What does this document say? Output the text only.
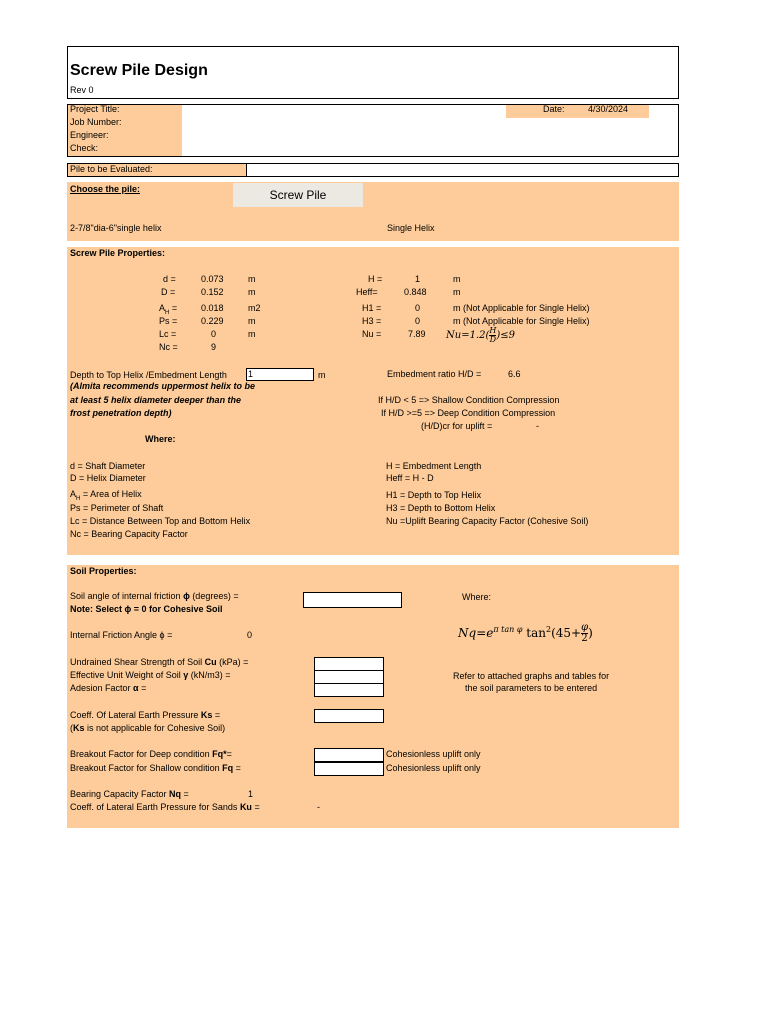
Screw Pile Design
Rev 0
Project Title:
Job Number:
Engineer:
Check:
Date:	4/30/2024
Pile to be Evaluated:
Choose the pile:	Screw Pile
2-7/8"dia-6"single helix	Single Helix
Screw Pile Properties:
d =	0.073	m
D =	0.152	m
$A_H$ =	0.018	m2
Ps =	0.229	m
Lc =	0	m
Nc =	9
H =	1	m
Heff=	0.848	m
H1 =	0	m (Not Applicable for Single Helix)
H3 =	0	m (Not Applicable for Single Helix)
Nu =	7.89 $Nu=1.2( \frac{H}{D} )\le 9$
Depth to Top Helix /Embedment Length 1	m
(Almita recommends uppermost helix to be
at least 5 helix diameter deeper than the
frost penetration depth)
Embedment ratio H/D =	6.6
If H/D < 5 => Shallow Condition Compression
If H/D >=5 => Deep Condition Compression
(H/D)cr for uplift =	-
Where:
d = Shaft Diameter
D = Helix Diameter
$A_H$ = Area of Helix
Ps = Perimeter of Shaft
Lc = Distance Between Top and Bottom Helix
Nc = Bearing Capacity Factor
H = Embedment Length
Heff = H - D
H1 = Depth to Top Helix
H3 = Depth to Bottom Helix
Nu =Uplift Bearing Capacity Factor (Cohesive Soil)
Soil Properties:
Soil angle of internal friction ϕ (degrees) =
Note: Select ϕ = 0 for Cohesive Soil
Where:
Internal Friction Angle ϕ =	0	$Nq=e^{\pi tan \varphi}$ $\tan^2(45+ \frac{\varphi}{2}$ )
Undrained Shear Strength of Soil Cu (kPa) =
Effective Unit Weight of Soil γ (kN/m3) =
Adesion Factor α =
Refer to attached graphs and tables for
the soil parameters to be entered
Coeff. Of Lateral Earth Pressure Ks =
(Ks is not applicable for Cohesive Soil)
Breakout Factor for Deep condition Fq*=
Breakout Factor for Shallow condition Fq =
Cohesionless uplift only
Cohesionless uplift only
Bearing Capacity Factor Nq =	1
Coeff. of Lateral Earth Pressure for Sands Ku =	-
